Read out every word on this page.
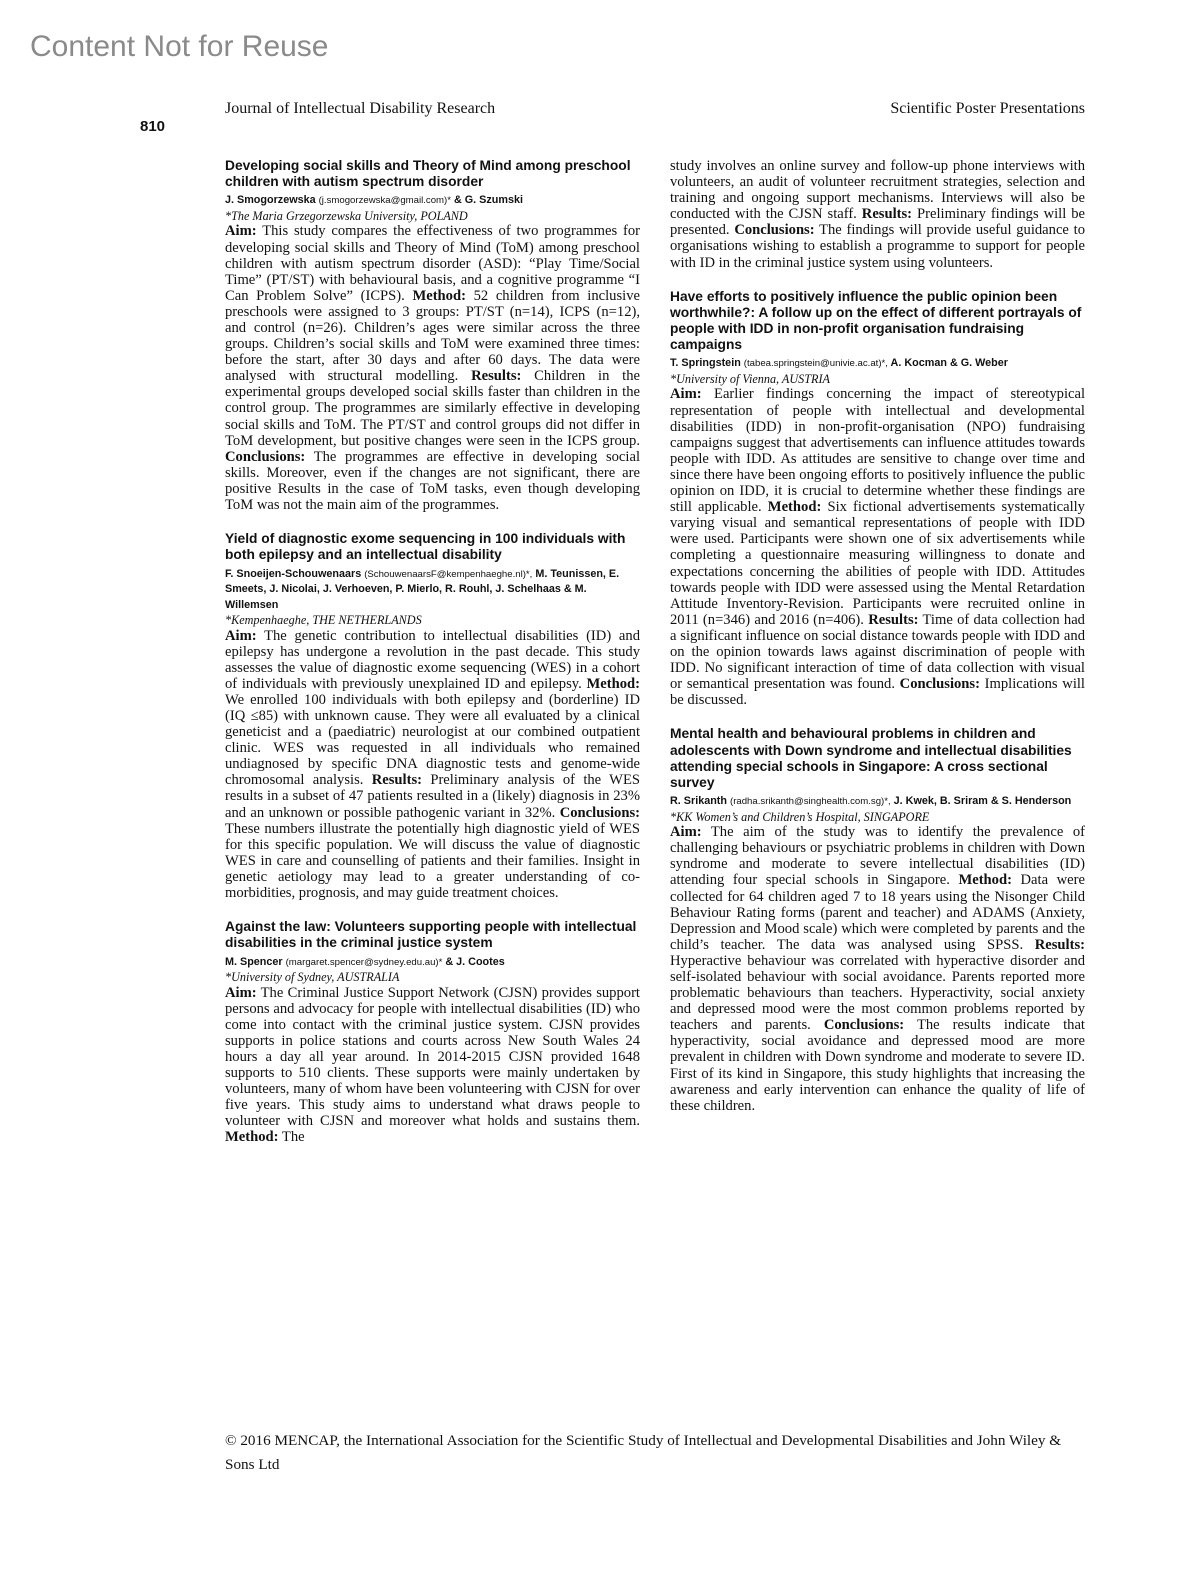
Content Not for Reuse
Journal of Intellectual Disability Research	Scientific Poster Presentations
810
Developing social skills and Theory of Mind among preschool children with autism spectrum disorder
J. Smogorzewska (j.smogorzewska@gmail.com)* & G. Szumski
*The Maria Grzegorzewska University, POLAND
Aim: This study compares the effectiveness of two programmes for developing social skills and Theory of Mind (ToM) among preschool children with autism spectrum disorder (ASD): “Play Time/Social Time” (PT/ST) with behavioural basis, and a cognitive programme “I Can Problem Solve” (ICPS). Method: 52 children from inclusive preschools were assigned to 3 groups: PT/ST (n=14), ICPS (n=12), and control (n=26). Children’s ages were similar across the three groups. Children’s social skills and ToM were examined three times: before the start, after 30 days and after 60 days. The data were analysed with structural modelling. Results: Children in the experimental groups developed social skills faster than children in the control group. The programmes are similarly effective in developing social skills and ToM. The PT/ST and control groups did not differ in ToM development, but positive changes were seen in the ICPS group. Conclusions: The programmes are effective in developing social skills. Moreover, even if the changes are not significant, there are positive Results in the case of ToM tasks, even though developing ToM was not the main aim of the programmes.
Yield of diagnostic exome sequencing in 100 individuals with both epilepsy and an intellectual disability
F. Snoeijen-Schouwenaars (SchouwenaarsF@kempenhaeghe.nl)*, M. Teunissen, E. Smeets, J. Nicolai, J. Verhoeven, P. Mierlo, R. Rouhl, J. Schelhaas & M. Willemsen
*Kempenhaeghe, THE NETHERLANDS
Aim: The genetic contribution to intellectual disabilities (ID) and epilepsy has undergone a revolution in the past decade. This study assesses the value of diagnostic exome sequencing (WES) in a cohort of individuals with previously unexplained ID and epilepsy. Method: We enrolled 100 individuals with both epilepsy and (borderline) ID (IQ ≤85) with unknown cause. They were all evaluated by a clinical geneticist and a (paediatric) neurologist at our combined outpatient clinic. WES was requested in all individuals who remained undiagnosed by specific DNA diagnostic tests and genome-wide chromosomal analysis. Results: Preliminary analysis of the WES results in a subset of 47 patients resulted in a (likely) diagnosis in 23% and an unknown or possible pathogenic variant in 32%. Conclusions: These numbers illustrate the potentially high diagnostic yield of WES for this specific population. We will discuss the value of diagnostic WES in care and counselling of patients and their families. Insight in genetic aetiology may lead to a greater understanding of co-morbidities, prognosis, and may guide treatment choices.
Against the law: Volunteers supporting people with intellectual disabilities in the criminal justice system
M. Spencer (margaret.spencer@sydney.edu.au)* & J. Cootes
*University of Sydney, AUSTRALIA
Aim: The Criminal Justice Support Network (CJSN) provides support persons and advocacy for people with intellectual disabilities (ID) who come into contact with the criminal justice system. CJSN provides supports in police stations and courts across New South Wales 24 hours a day all year around. In 2014-2015 CJSN provided 1648 supports to 510 clients. These supports were mainly undertaken by volunteers, many of whom have been volunteering with CJSN for over five years. This study aims to understand what draws people to volunteer with CJSN and moreover what holds and sustains them. Method: The
study involves an online survey and follow-up phone interviews with volunteers, an audit of volunteer recruitment strategies, selection and training and ongoing support mechanisms. Interviews will also be conducted with the CJSN staff. Results: Preliminary findings will be presented. Conclusions: The findings will provide useful guidance to organisations wishing to establish a programme to support for people with ID in the criminal justice system using volunteers.
Have efforts to positively influence the public opinion been worthwhile?: A follow up on the effect of different portrayals of people with IDD in non-profit organisation fundraising campaigns
T. Springstein (tabea.springstein@univie.ac.at)*, A. Kocman & G. Weber
*University of Vienna, AUSTRIA
Aim: Earlier findings concerning the impact of stereotypical representation of people with intellectual and developmental disabilities (IDD) in non-profit-organisation (NPO) fundraising campaigns suggest that advertisements can influence attitudes towards people with IDD. As attitudes are sensitive to change over time and since there have been ongoing efforts to positively influence the public opinion on IDD, it is crucial to determine whether these findings are still applicable. Method: Six fictional advertisements systematically varying visual and semantical representations of people with IDD were used. Participants were shown one of six advertisements while completing a questionnaire measuring willingness to donate and expectations concerning the abilities of people with IDD. Attitudes towards people with IDD were assessed using the Mental Retardation Attitude Inventory-Revision. Participants were recruited online in 2011 (n=346) and 2016 (n=406). Results: Time of data collection had a significant influence on social distance towards people with IDD and on the opinion towards laws against discrimination of people with IDD. No significant interaction of time of data collection with visual or semantical presentation was found. Conclusions: Implications will be discussed.
Mental health and behavioural problems in children and adolescents with Down syndrome and intellectual disabilities attending special schools in Singapore: A cross sectional survey
R. Srikanth (radha.srikanth@singhealth.com.sg)*, J. Kwek, B. Sriram & S. Henderson
*KK Women’s and Children’s Hospital, SINGAPORE
Aim: The aim of the study was to identify the prevalence of challenging behaviours or psychiatric problems in children with Down syndrome and moderate to severe intellectual disabilities (ID) attending four special schools in Singapore. Method: Data were collected for 64 children aged 7 to 18 years using the Nisonger Child Behaviour Rating forms (parent and teacher) and ADAMS (Anxiety, Depression and Mood scale) which were completed by parents and the child’s teacher. The data was analysed using SPSS. Results: Hyperactive behaviour was correlated with hyperactive disorder and self-isolated behaviour with social avoidance. Parents reported more problematic behaviours than teachers. Hyperactivity, social anxiety and depressed mood were the most common problems reported by teachers and parents. Conclusions: The results indicate that hyperactivity, social avoidance and depressed mood are more prevalent in children with Down syndrome and moderate to severe ID. First of its kind in Singapore, this study highlights that increasing the awareness and early intervention can enhance the quality of life of these children.
© 2016 MENCAP, the International Association for the Scientific Study of Intellectual and Developmental Disabilities and John Wiley & Sons Ltd
